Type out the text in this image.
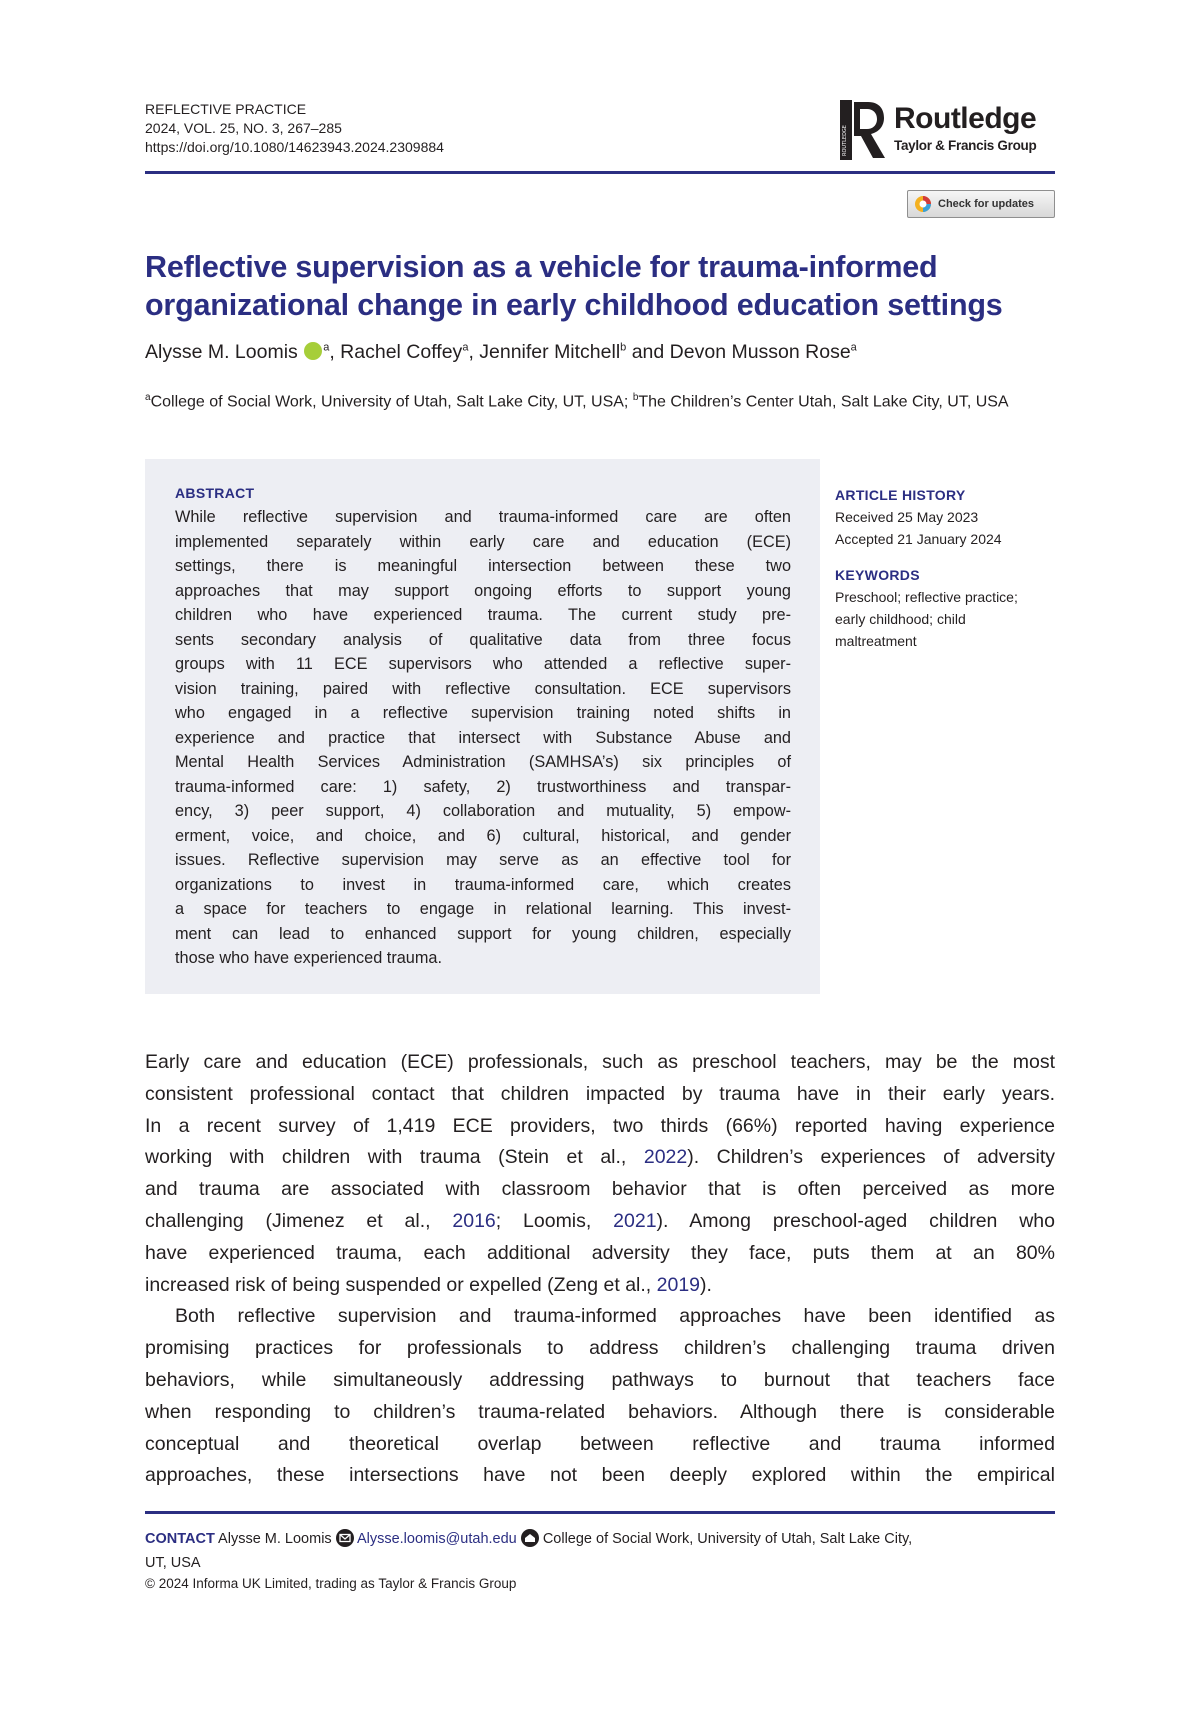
REFLECTIVE PRACTICE
2024, VOL. 25, NO. 3, 267–285
https://doi.org/10.1080/14623943.2024.2309884	ROUTLEDGE
Routledge
Taylor & Francis Group
Check for updates
Reflective supervision as a vehicle for trauma-informed
organizational change in early childhood education settings
Alysse M. Loomis $^a$, Rachel Coffey$^a$, Jennifer Mitchell$^b$ and Devon Musson Rose$^a$
$^a$College of Social Work, University of Utah, Salt Lake City, UT, USA; $^b$The Children’s Center Utah, Salt Lake City, UT, USA
ABSTRACT
While reflective supervision and trauma-informed care are often
implemented separately within early care and education (ECE)
settings, there is meaningful intersection between these two
approaches that may support ongoing efforts to support young
children who have experienced trauma. The current study pre-
sents secondary analysis of qualitative data from three focus
groups with 11 ECE supervisors who attended a reflective super-
vision training, paired with reflective consultation. ECE supervisors
who engaged in a reflective supervision training noted shifts in
experience and practice that intersect with Substance Abuse and
Mental Health Services Administration (SAMHSA’s) six principles of
trauma-informed care: 1) safety, 2) trustworthiness and transpar-
ency, 3) peer support, 4) collaboration and mutuality, 5) empow-
erment, voice, and choice, and 6) cultural, historical, and gender
issues. Reflective supervision may serve as an effective tool for
organizations to invest in trauma-informed care, which creates
a space for teachers to engage in relational learning. This invest-
ment can lead to enhanced support for young children, especially
those who have experienced trauma.
ARTICLE HISTORY
Received 25 May 2023
Accepted 21 January 2024
KEYWORDS
Preschool; reflective practice;
early childhood; child
maltreatment
Early care and education (ECE) professionals, such as preschool teachers, may be the most
consistent professional contact that children impacted by trauma have in their early years.
In a recent survey of 1,419 ECE providers, two thirds (66%) reported having experience
working with children with trauma (Stein et al., 2022). Children’s experiences of adversity
and trauma are associated with classroom behavior that is often perceived as more
challenging (Jimenez et al., 2016; Loomis, 2021). Among preschool-aged children who
have experienced trauma, each additional adversity they face, puts them at an 80%
increased risk of being suspended or expelled (Zeng et al., 2019).
Both reflective supervision and trauma-informed approaches have been identified as
promising practices for professionals to address children’s challenging trauma driven
behaviors, while simultaneously addressing pathways to burnout that teachers face
when responding to children’s trauma-related behaviors. Although there is considerable
conceptual and theoretical overlap between reflective and trauma informed
approaches, these intersections have not been deeply explored within the empirical
CONTACT Alysse M. Loomis Alysse.loomis@utah.edu College of Social Work, University of Utah, Salt Lake City,
UT, USA
© 2024 Informa UK Limited, trading as Taylor & Francis Group
